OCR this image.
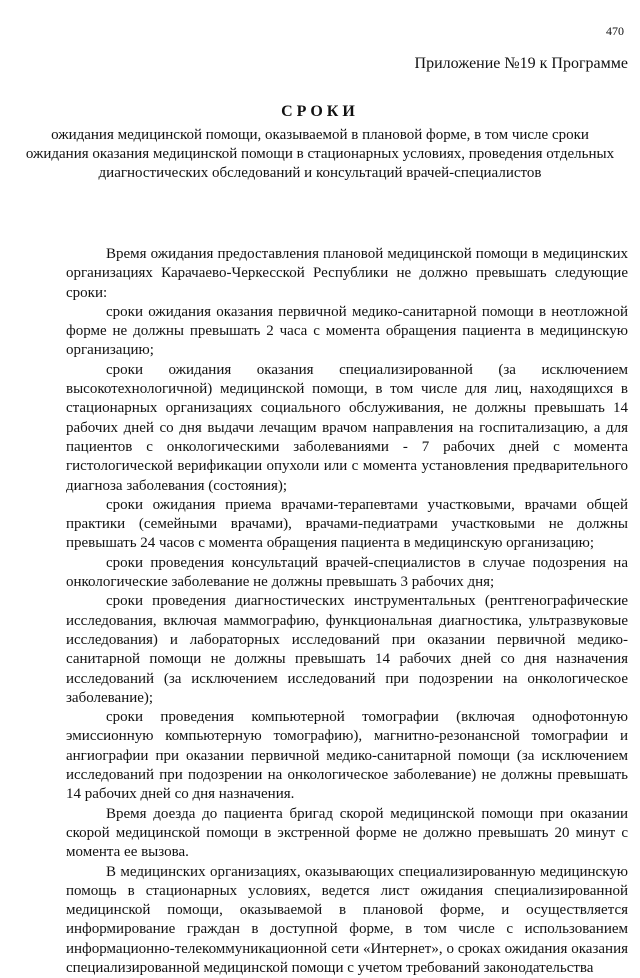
470
Приложение №19 к Программе
СРОКИ
ожидания медицинской помощи, оказываемой в плановой форме, в том числе сроки ожидания оказания медицинской помощи в стационарных условиях, проведения отдельных диагностических обследований и консультаций врачей-специалистов

Время ожидания предоставления плановой медицинской помощи в медицинских организациях Карачаево-Черкесской Республики не должно превышать следующие сроки:

сроки ожидания оказания первичной медико-санитарной помощи в неотложной форме не должны превышать 2 часа с момента обращения пациента в медицинскую организацию;

сроки ожидания оказания специализированной (за исключением высокотехнологичной) медицинской помощи, в том числе для лиц, находящихся в стационарных организациях социального обслуживания, не должны превышать 14 рабочих дней со дня выдачи лечащим врачом направления на госпитализацию, а для пациентов с онкологическими заболеваниями - 7 рабочих дней с момента гистологической верификации опухоли или с момента установления предварительного диагноза заболевания (состояния);

сроки ожидания приема врачами-терапевтами участковыми, врачами общей практики (семейными врачами), врачами-педиатрами участковыми не должны превышать 24 часов с момента обращения пациента в медицинскую организацию;

сроки проведения консультаций врачей-специалистов в случае подозрения на онкологические заболевание не должны превышать 3 рабочих дня;

сроки проведения диагностических инструментальных (рентгенографические исследования, включая маммографию, функциональная диагностика, ультразвуковые исследования) и лабораторных исследований при оказании первичной медико-санитарной помощи не должны превышать 14 рабочих дней со дня назначения исследований (за исключением исследований при подозрении на онкологическое заболевание);

сроки проведения компьютерной томографии (включая однофотонную эмиссионную компьютерную томографию), магнитно-резонансной томографии и ангиографии при оказании первичной медико-санитарной помощи (за исключением исследований при подозрении на онкологическое заболевание) не должны превышать 14 рабочих дней со дня назначения.

Время доезда до пациента бригад скорой медицинской помощи при оказании скорой медицинской помощи в экстренной форме не должно превышать 20 минут с момента ее вызова.

В медицинских организациях, оказывающих специализированную медицинскую помощь в стационарных условиях, ведется лист ожидания специализированной медицинской помощи, оказываемой в плановой форме, и осуществляется информирование граждан в доступной форме, в том числе с использованием информационно-телекоммуникационной сети «Интернет», о сроках ожидания оказания специализированной медицинской помощи с учетом требований законодательства
